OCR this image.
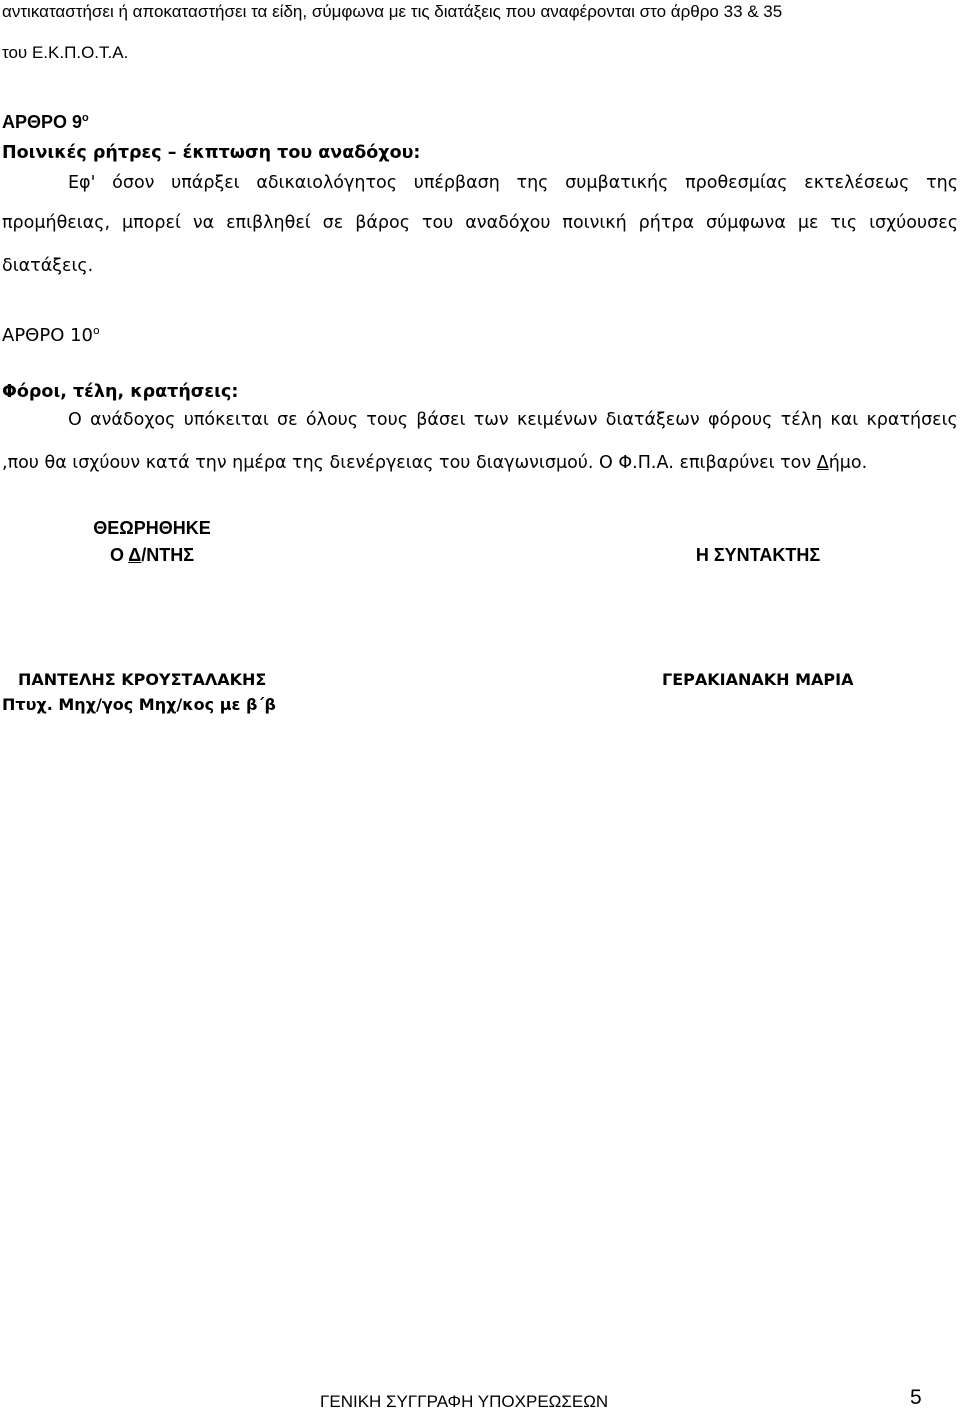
αντικαταστήσει ή αποκαταστήσει τα είδη, σύμφωνα με τις διατάξεις που αναφέρονται στο άρθρο 33 & 35
του Ε.Κ.Π.Ο.Τ.Α.
ΑΡΘΡΟ $9^o$
Ποινικές ρήτρες – έκπτωση του αναδόχου:
Εφ' όσον υπάρξει αδικαιολόγητος υπέρβαση της συμβατικής προθεσμίας εκτελέσεως της
προμήθειας, μπορεί να επιβληθεί σε βάρος του αναδόχου ποινική ρήτρα σύμφωνα με τις ισχύουσες
διατάξεις.
ΑΡΘΡΟ $10^o$
Φόροι, τέλη, κρατήσεις:
Ο ανάδοχος υπόκειται σε όλους τους βάσει των κειμένων διατάξεων φόρους τέλη και κρατήσεις
,που θα ισχύουν κατά την ημέρα της διενέργειας του διαγωνισμού. Ο Φ.Π.Α. επιβαρύνει τον Δήμο.
ΘΕΩΡΗΘΗΚΕ
Ο Δ/ΝΤΗΣ	Η ΣΥΝΤΑΚΤΗΣ
ΠΑΝΤΕΛΗΣ ΚΡΟΥΣΤΑΛΑΚΗΣ
Πτυχ. Μηχ/γος Μηχ/κος με β΄β
ΓΕΡΑΚΙΑΝΑΚΗ ΜΑΡΙΑ
ΓΕΝΙΚΗ ΣΥΓΓΡΑΦΗ ΥΠΟΧΡΕΩΣΕΩΝ	5
